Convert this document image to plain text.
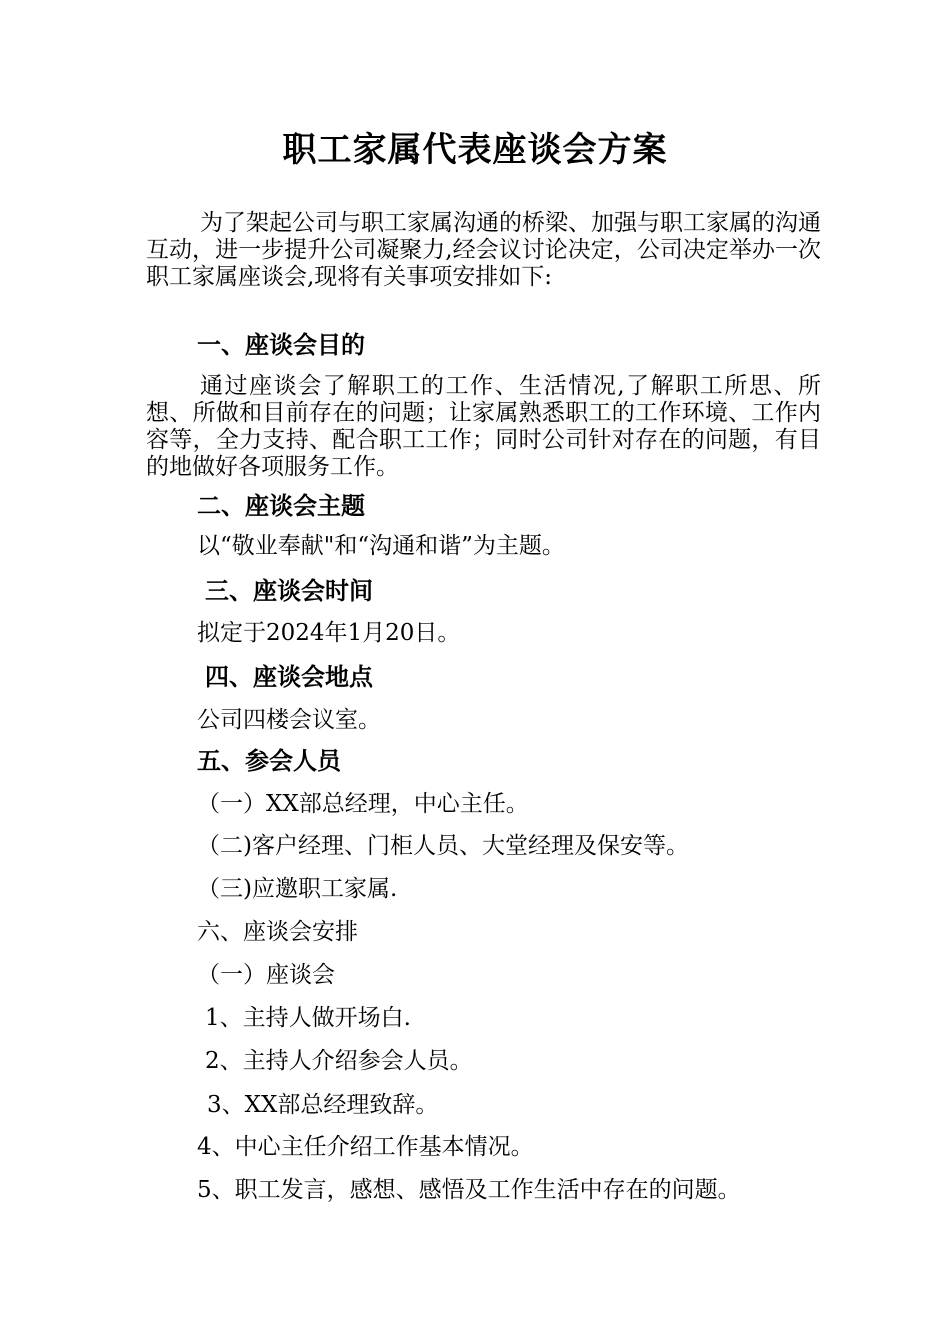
职工家属代表座谈会方案

为了架起公司与职工家属沟通的桥梁、加强与职工家属的沟通互动，进一步提升公司凝聚力,经会议讨论决定，公司决定举办一次职工家属座谈会,现将有关事项安排如下:

一、座谈会目的

通过座谈会了解职工的工作、生活情况,了解职工所思、所想、所做和目前存在的问题；让家属熟悉职工的工作环境、工作内容等，全力支持、配合职工工作；同时公司针对存在的问题，有目的地做好各项服务工作。

二、座谈会主题

以“敬业奉献"和“沟通和谐”为主题。

三、座谈会时间

拟定于2024年1月20日。

四、座谈会地点

公司四楼会议室。

五、参会人员

（一）XX部总经理，中心主任。

（二)客户经理、门柜人员、大堂经理及保安等。

（三)应邀职工家属.

六、座谈会安排

（一）座谈会

1、主持人做开场白.

2、主持人介绍参会人员。

3、XX部总经理致辞。

4、中心主任介绍工作基本情况。

5、职工发言，感想、感悟及工作生活中存在的问题。
